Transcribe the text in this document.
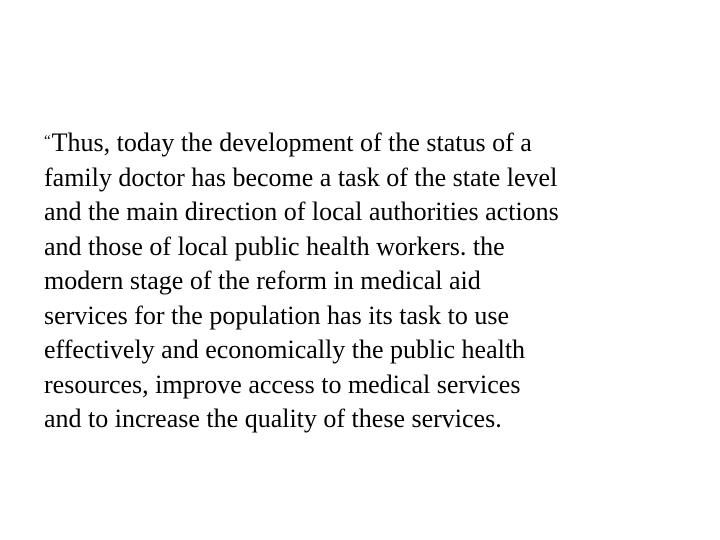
“Thus, today the development of the status of a
family doctor has become a task of the state level
and the main direction of local authorities actions
and those of local public health workers. the
modern stage of the reform in medical aid
services for the population has its task to use
effectively and economically the public health
resources, improve access to medical services
and to increase the quality of these services.
